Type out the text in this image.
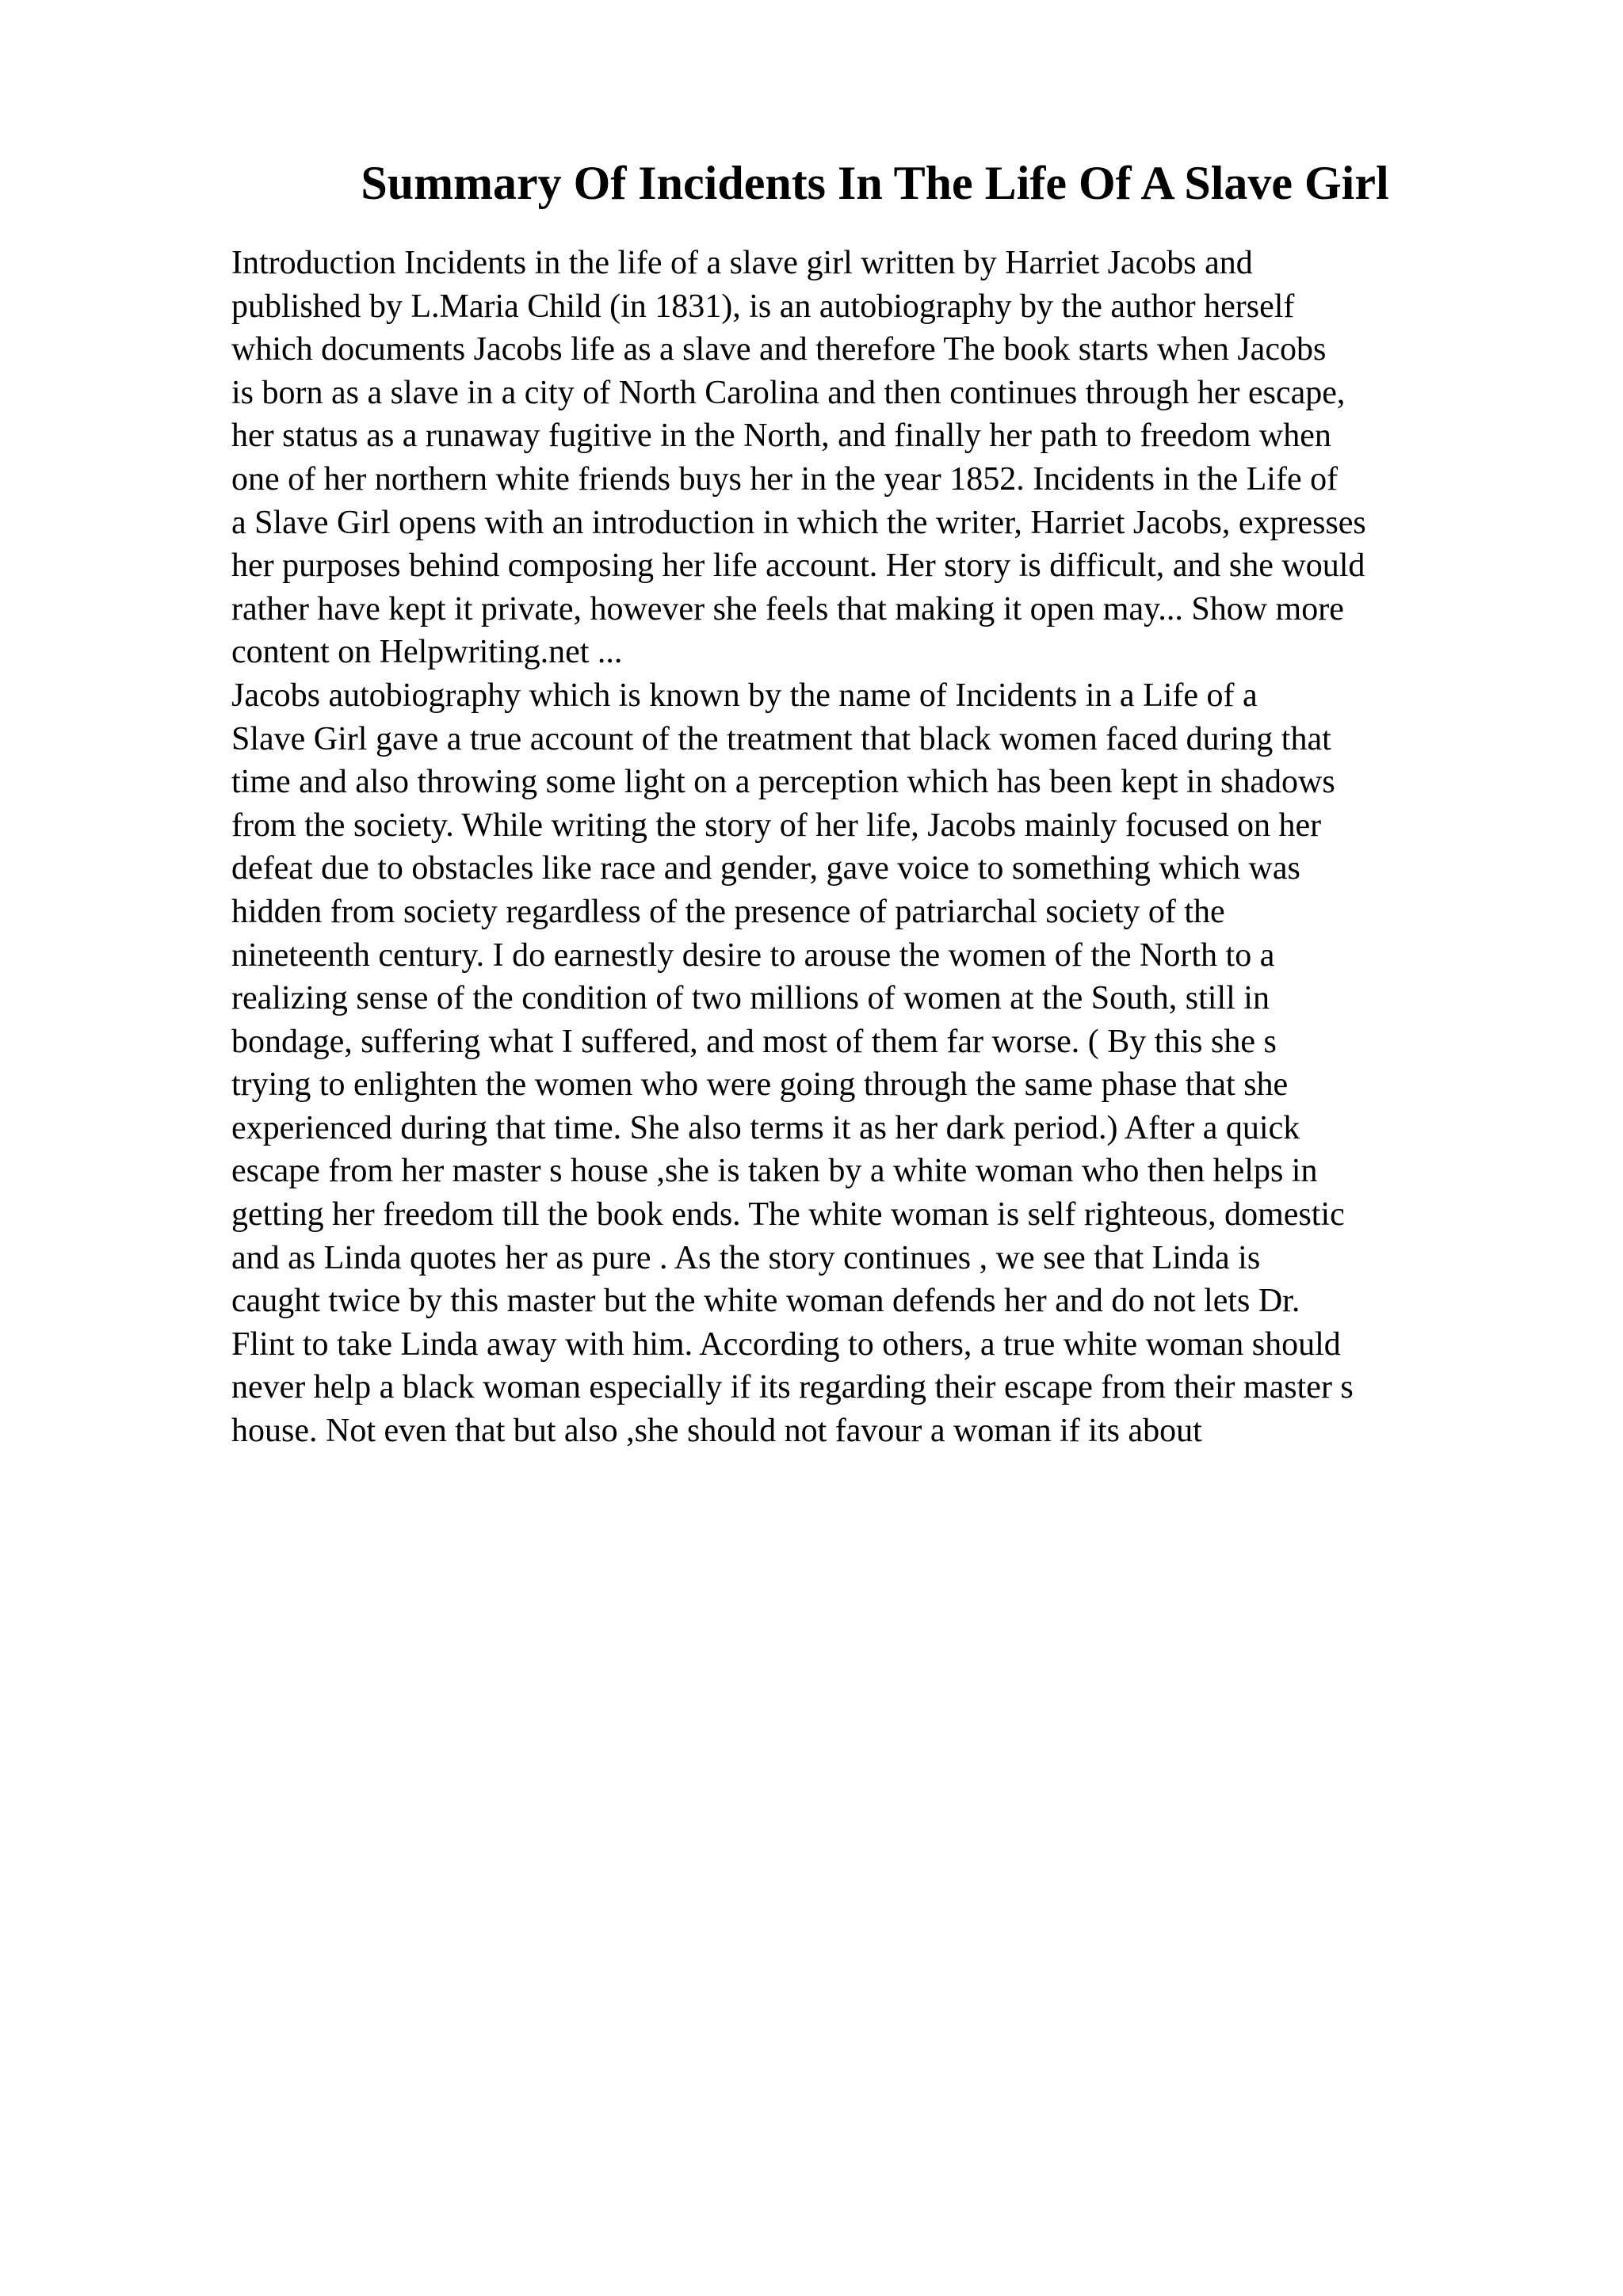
Summary Of Incidents In The Life Of A Slave Girl
Introduction Incidents in the life of a slave girl written by Harriet Jacobs and
published by L.Maria Child (in 1831), is an autobiography by the author herself
which documents Jacobs life as a slave and therefore The book starts when Jacobs
is born as a slave in a city of North Carolina and then continues through her escape,
her status as a runaway fugitive in the North, and finally her path to freedom when
one of her northern white friends buys her in the year 1852. Incidents in the Life of
a Slave Girl opens with an introduction in which the writer, Harriet Jacobs, expresses
her purposes behind composing her life account. Her story is difficult, and she would
rather have kept it private, however she feels that making it open may... Show more
content on Helpwriting.net ...
Jacobs autobiography which is known by the name of Incidents in a Life of a
Slave Girl gave a true account of the treatment that black women faced during that
time and also throwing some light on a perception which has been kept in shadows
from the society. While writing the story of her life, Jacobs mainly focused on her
defeat due to obstacles like race and gender, gave voice to something which was
hidden from society regardless of the presence of patriarchal society of the
nineteenth century. I do earnestly desire to arouse the women of the North to a
realizing sense of the condition of two millions of women at the South, still in
bondage, suffering what I suffered, and most of them far worse. ( By this she s
trying to enlighten the women who were going through the same phase that she
experienced during that time. She also terms it as her dark period.) After a quick
escape from her master s house ,she is taken by a white woman who then helps in
getting her freedom till the book ends. The white woman is self righteous, domestic
and as Linda quotes her as pure . As the story continues , we see that Linda is
caught twice by this master but the white woman defends her and do not lets Dr.
Flint to take Linda away with him. According to others, a true white woman should
never help a black woman especially if its regarding their escape from their master s
house. Not even that but also ,she should not favour a woman if its about
